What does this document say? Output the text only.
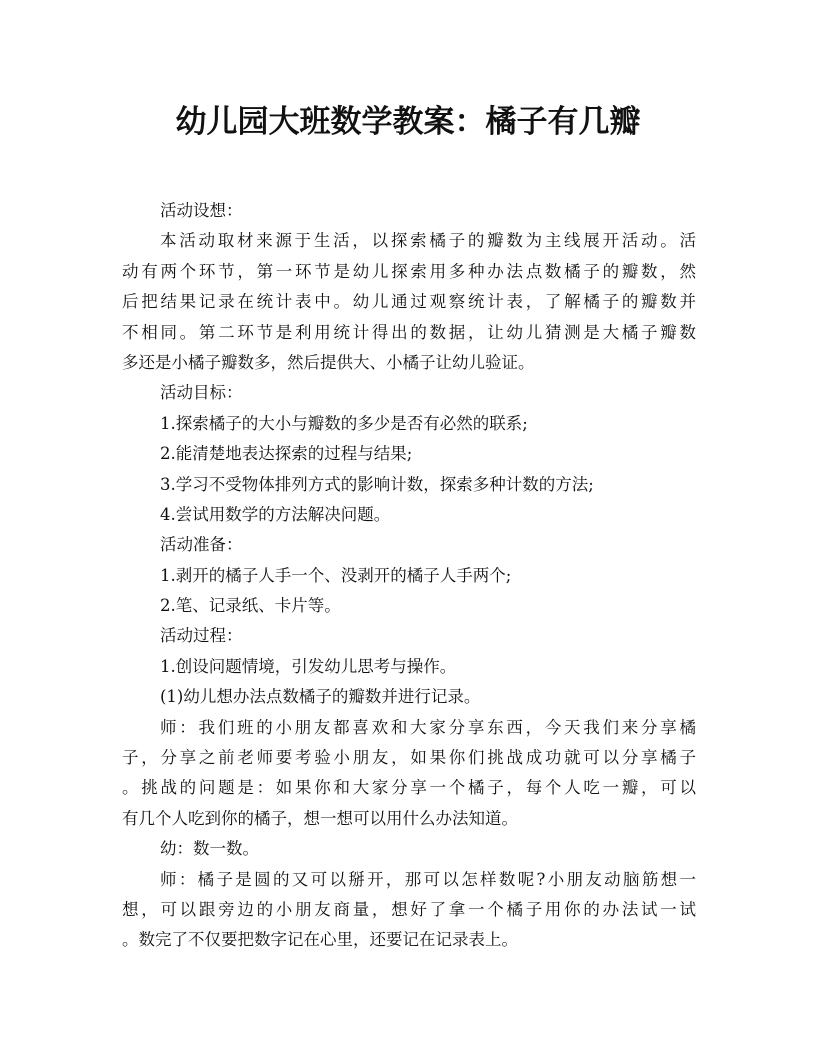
幼儿园大班数学教案：橘子有几瓣
活动设想：
本活动取材来源于生活，以探索橘子的瓣数为主线展开活动。活
动有两个环节，第一环节是幼儿探索用多种办法点数橘子的瓣数，然
后把结果记录在统计表中。幼儿通过观察统计表，了解橘子的瓣数并
不相同。第二环节是利用统计得出的数据，让幼儿猜测是大橘子瓣数
多还是小橘子瓣数多，然后提供大、小橘子让幼儿验证。
活动目标：
1.探索橘子的大小与瓣数的多少是否有必然的联系;
2.能清楚地表达探索的过程与结果;
3.学习不受物体排列方式的影响计数，探索多种计数的方法;
4.尝试用数学的方法解决问题。
活动准备：
1.剥开的橘子人手一个、没剥开的橘子人手两个;
2.笔、记录纸、卡片等。
活动过程：
1.创设问题情境，引发幼儿思考与操作。
(1)幼儿想办法点数橘子的瓣数并进行记录。
师：我们班的小朋友都喜欢和大家分享东西，今天我们来分享橘
子，分享之前老师要考验小朋友，如果你们挑战成功就可以分享橘子
。挑战的问题是：如果你和大家分享一个橘子，每个人吃一瓣，可以
有几个人吃到你的橘子，想一想可以用什么办法知道。
幼：数一数。
师：橘子是圆的又可以掰开，那可以怎样数呢?小朋友动脑筋想一
想，可以跟旁边的小朋友商量，想好了拿一个橘子用你的办法试一试
。数完了不仅要把数字记在心里，还要记在记录表上。
